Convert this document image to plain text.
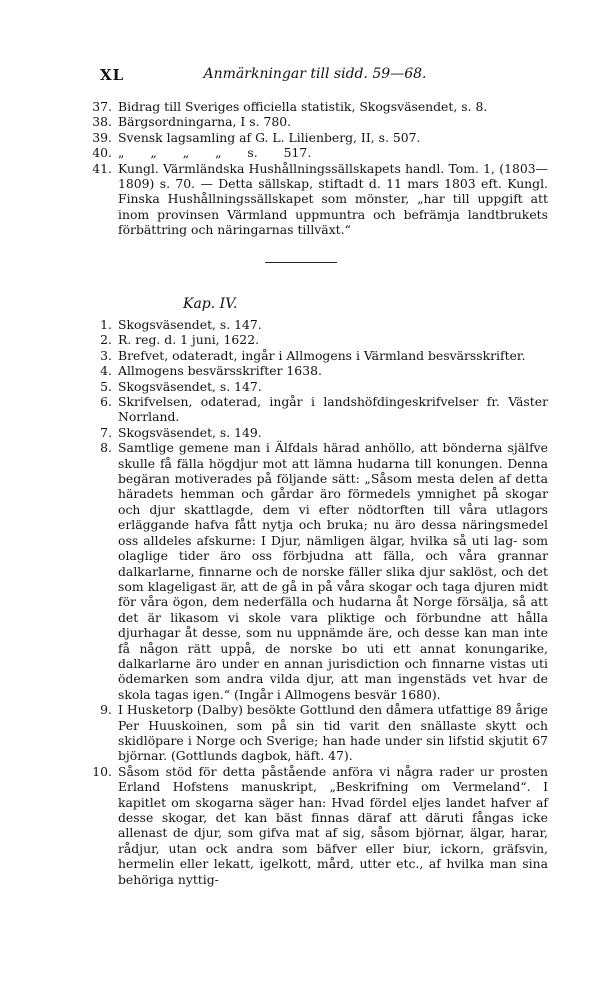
XL	Anmärkningar till sidd. 59—68.
37. Bidrag till Sveriges officiella statistik, Skogsväsendet, s. 8.
38. Bärgsordningarna, I s. 780.
39. Svensk lagsamling af G. L. Lilienberg, II, s. 507.
40. „ „ „ „ s. 517.
41. Kungl. Värmländska Hushållningssällskapets handl. Tom. 1, (1803—1809) s. 70. — Detta sällskap, stiftadt d. 11 mars 1803 eft. Kungl. Finska Hushållningssällskapet som mönster, „har till uppgift att inom provinsen Värmland uppmuntra och befrämja landtbrukets förbättring och näringarnas tillväxt.“
Kap. IV.
1. Skogsväsendet, s. 147.
2. R. reg. d. 1 juni, 1622.
3. Brefvet, odateradt, ingår i Allmogens i Värmland besvärsskrifter.
4. Allmogens besvärsskrifter 1638.
5. Skogsväsendet, s. 147.
6. Skrifvelsen, odaterad, ingår i landshöfdingeskrifvelser fr. Väster Norrland.
7. Skogsväsendet, s. 149.
8. Samtlige gemene man i Älfdals härad anhöllo, att bönderna själfve skulle få fälla högdjur mot att lämna hudarna till konungen. Denna begäran motiverades på följande sätt: „Såsom mesta delen af detta häradets hemman och gårdar äro förmedels ymnighet på skogar och djur skattlagde, dem vi efter nödtorften till våra utlagors erläggande hafva fått nytja och bruka; nu äro dessa näringsmedel oss alldeles afskurne: I Djur, nämligen älgar, hvilka så uti lag- som olaglige tider äro oss förbjudna att fälla, och våra grannar dalkarlarne, finnarne och de norske fäller slika djur saklöst, och det som klageligast är, att de gå in på våra skogar och taga djuren midt för våra ögon, dem nederfälla och hudarna åt Norge försälja, så att det är likasom vi skole vara pliktige och förbundne att hålla djurhagar åt desse, som nu uppnämde äre, och desse kan man inte få någon rätt uppå, de norske bo uti ett annat konungarike, dalkarlarne äro under en annan jurisdiction och finnarne vistas uti ödemarken som andra vilda djur, att man ingenstäds vet hvar de skola tagas igen.“ (Ingår i Allmogens besvär 1680).
9. I Husketorp (Dalby) besökte Gottlund den dåmera utfattige 89 årige Per Huuskoinen, som på sin tid varit den snällaste skytt och skidlöpare i Norge och Sverige; han hade under sin lifstid skjutit 67 björnar. (Gottlunds dagbok, häft. 47).
10. Såsom stöd för detta påstående anföra vi några rader ur prosten Erland Hofstens manuskript, „Beskrifning om Vermeland“. I kapitlet om skogarna säger han: Hvad fördel eljes landet hafver af desse skogar, det kan bäst finnas däraf att däruti fångas icke allenast de djur, som gifva mat af sig, såsom björnar, älgar, harar, rådjur, utan ock andra som bäfver eller biur, ickorn, gräfsvin, hermelin eller lekatt, igelkott, mård, utter etc., af hvilka man sina behöriga nyttig-
